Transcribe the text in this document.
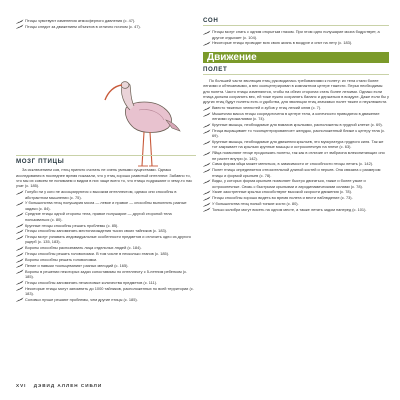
Птицы чувствуют изменения атмосферного давления (с. 47).
Птицы следят за движением объектов в отлично ночном (с. 47).
МОЗГ ПТИЦЫ
За исключением сов, птиц принято считать не очень умными существами. Однако исследования в последнее время показали, что у птиц хорошо развитый интеллект. Забавно то, что мы их совсем не понимаем и видим в них чаще всего то, что птицы подражают и чему-то нас учат (с. 185).
Голуби ни у кого не ассоциируются с высоким интеллектом, однако они способны в абстрактном мышлении (с. 75).
У большинства птиц полушария мозга — левое и правое — способны выполнять разные задачи (с. 84).
Средние птицы одной стороны тела, правое полушарие — другой стороной тела пользоваться (с. 80).
Крупные птицы способны решать проблемы (с. 85).
Птицы способны запоминать местонахождения тысяч своих тайников (с. 183).
Птицы могут узнавать индивидуальные особенности предметов и отличить одно из другого ущерб (с. 135, 183).
Вороны способны распознавать лица отдельных людей (с. 184).
Птицы способны решать головоломки. В том числе в несколько этапов (с. 185).
Вороны способны решать головоломки.
Пение и навыки «кольцевания» разных мелодий (с. 165).
Вороны в решении некоторых задач сопоставимы по интеллекту с 5-летним ребенком (с. 185).
Птицы способны запоминать нечисловые количества предметов (с. 111).
Некоторые птицы могут запомнить до 1000 тайников, расположенных по всей территории (с. 183).
Соловьи лучше решают проблемы, чем другие птицы (с. 185).
СОН
Птицы могут спать с одним открытым глазом. При этом одно полушарие мозга бодрствует, а другое отдыхает (с. 104).
Некоторые птицы проводят всю свою жизнь в воздухе и спят на лету (с. 183).
Движение
ПОЛЕТ
По большей части эволюция птиц руководилась требованиями к полету: их тела стали более легкими и обтекаемыми, а вес сконцентрирован в компактном центре тяжести. Перья необходимы для полета. Часто птицы изменяются, чтобы на обеих сторонах стать более легкими. Однако если птица должна сохранить вес, ей тоже нужно сохранять баланс и держаться в воздухе. Даже если бы у других птиц будут полеты есть и удобства, для эволюции птиц значимых полет тяжел и неуклюжести.
Вместо тяжелых челюстей и зубов у птиц легкий клюв (с. 7).
Мышечная масса птицы сосредоточена в центре тела, а конечности приводятся в движение легкими сухожилиями (с. 74).
Крупные мышцы, необходимые для взмахов крыльями, расположены в грудной клетке (с. 69).
Птица выращивает то «сконцентрированное» желудок, расположенный ближе к центру тела (с. 69).
Крупные мышцы, необходимые для движения крыльев, это мускулатура грудного киля. Так же тот закрывает на крыльях крупные мышцы и остроконечную на плече (с. 63).
Яйца позволяют птице продолжать полеты, так как в отличие от эмбриона млекопитающих оно не растет внутри (с. 142).
Сама форма яйца может меняться, в зависимости от способности птицы летать (с. 142).
Полет птицы определяется относительной длиной костей и перьев. Она связана с размером птицы и формой крыльев (с. 78).
Виды, у которых форма крыльев позволяет быстро двигаться, также и более узкие и остроконечные. Связь с быстрыми крыльями и аэродинамическими силами (с. 78).
Узкие заостренные крылья способствуют высокой скорости движения (с. 78).
Птицы способны хорошо видеть во время полета и вести наблюдение (с. 73).
У большинства птиц полый тонкие кости (с. 80).
Только колибри могут висеть на одном месте, а также летать задом наперед (с. 101).
XVI ДЭВИД АЛЛЕН СИБЛИ
